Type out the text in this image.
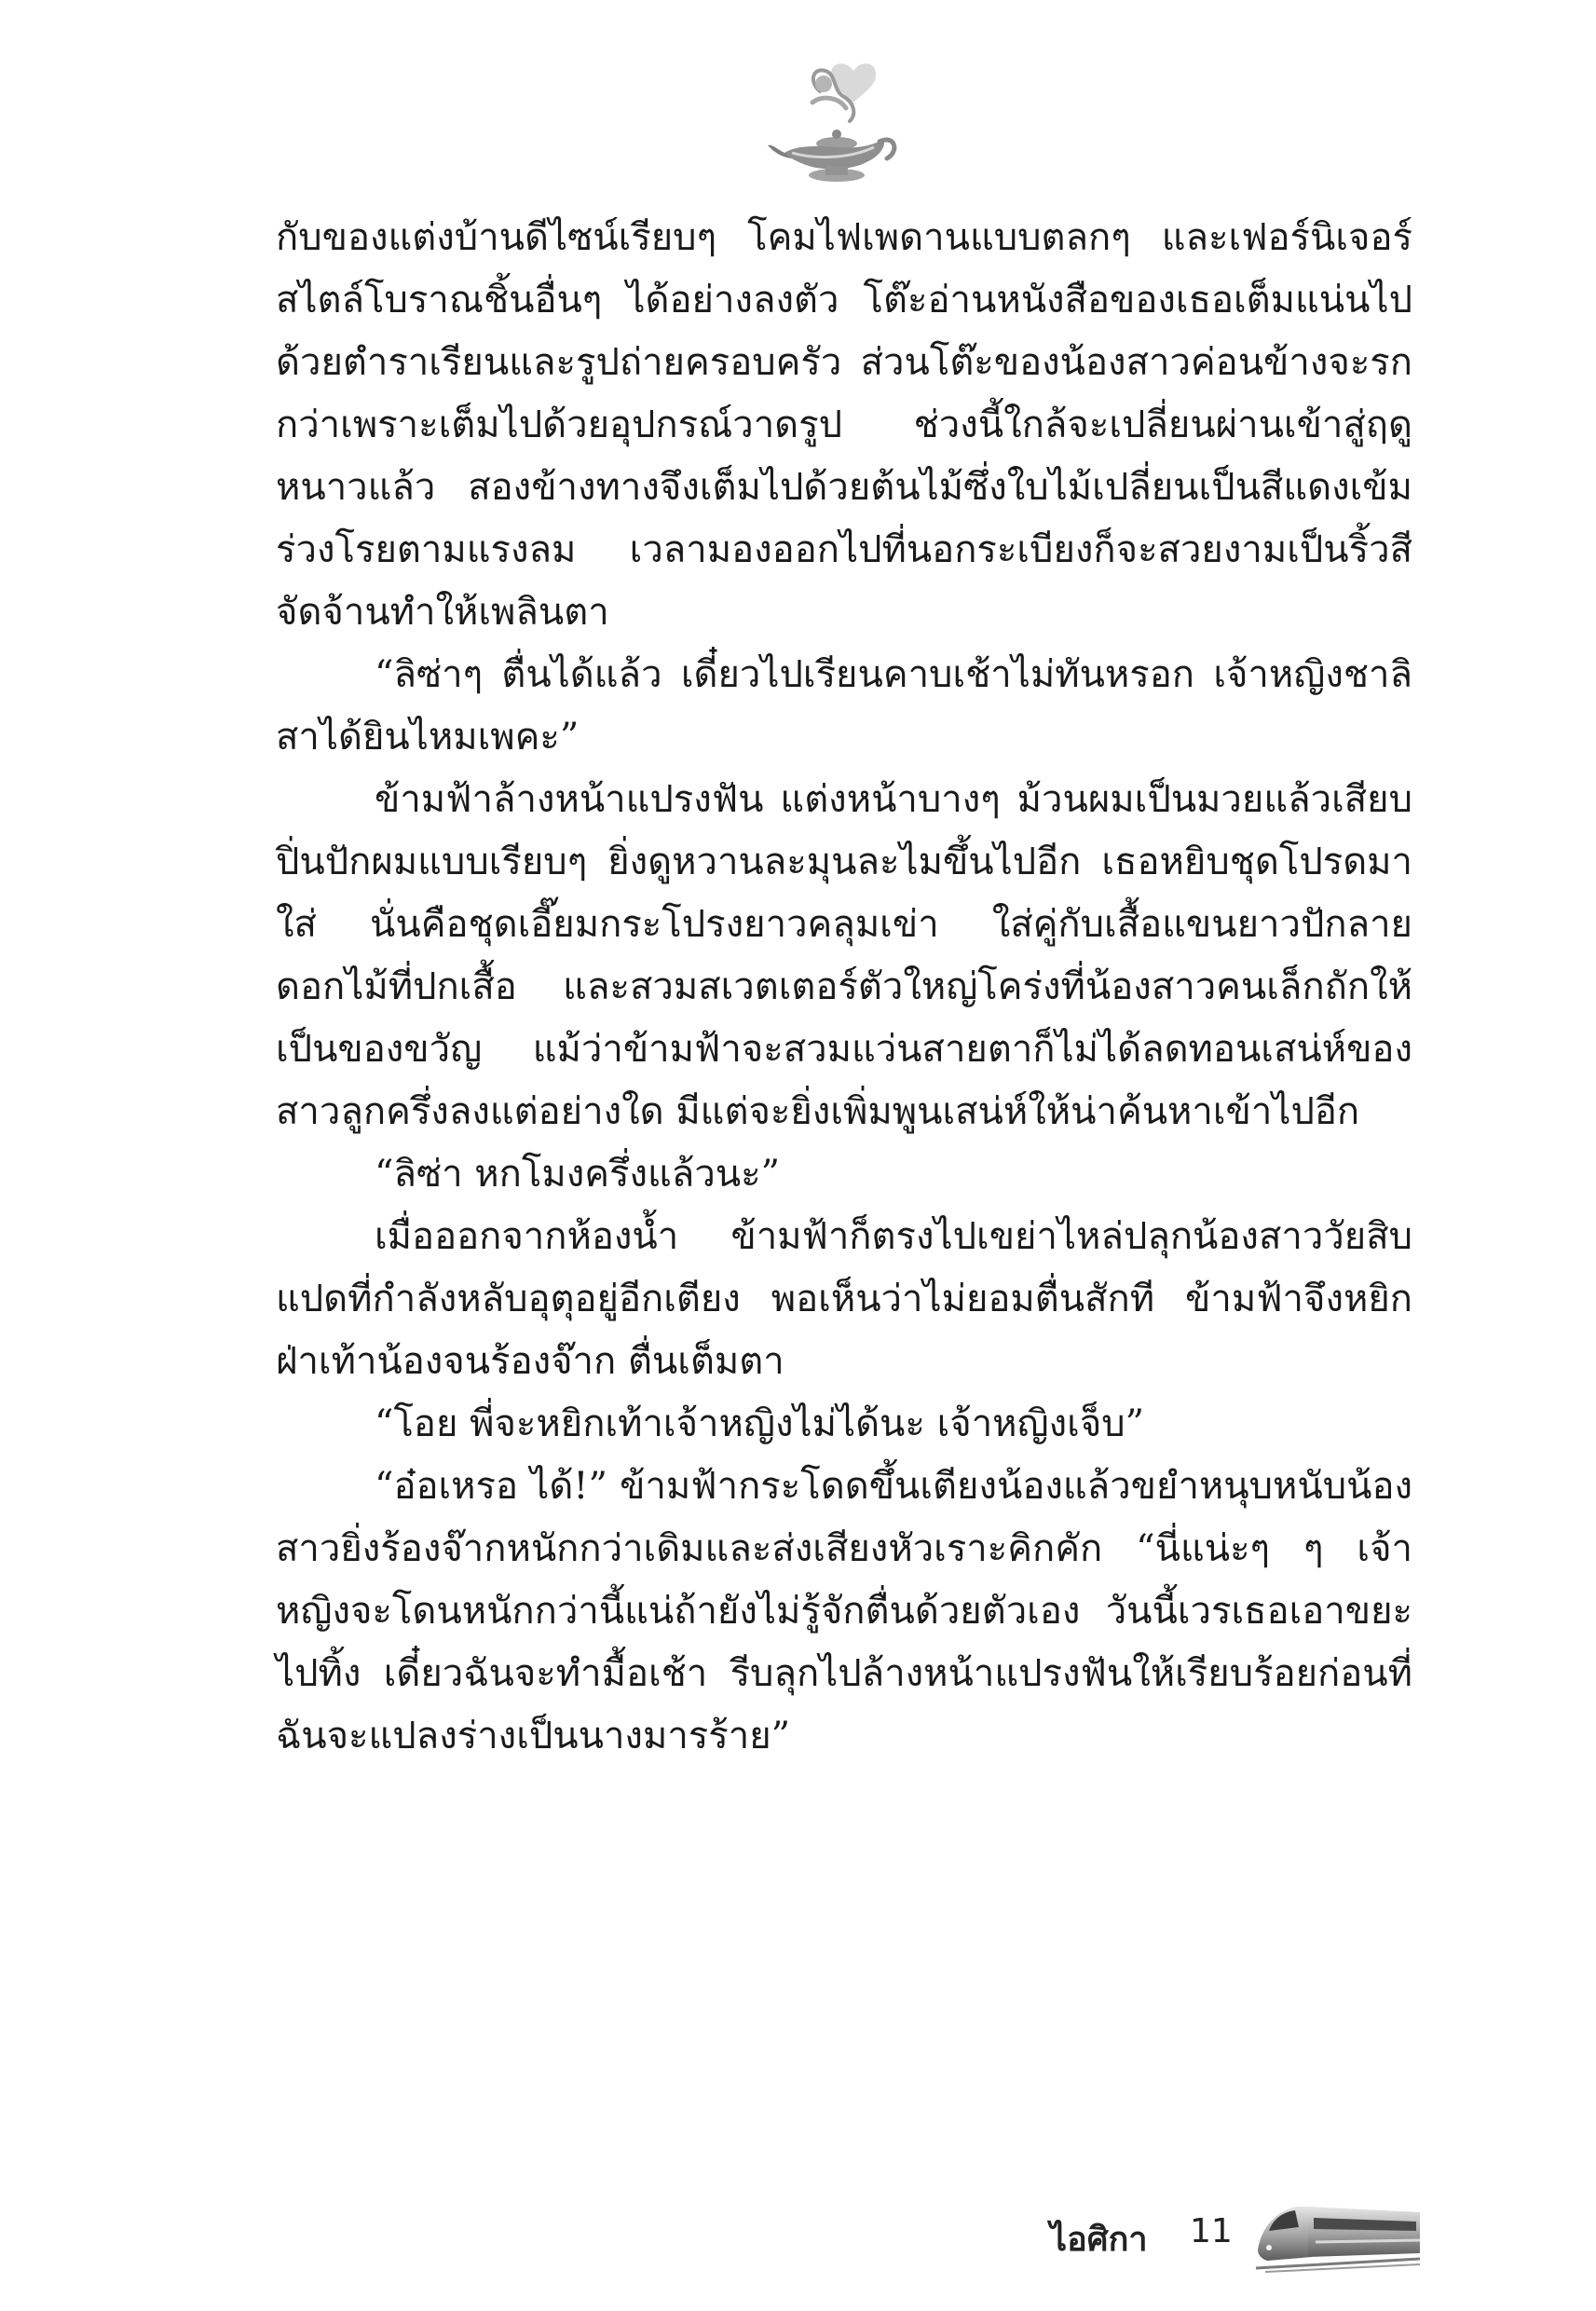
กับของแต่งบ้านดีไซน์เรียบๆ โคมไฟเพดานแบบตลกๆ และเฟอร์นิเจอร์สไตล์โบราณชิ้นอื่นๆ ได้อย่างลงตัว โต๊ะอ่านหนังสือของเธอเต็มแน่นไปด้วยตำราเรียนและรูปถ่ายครอบครัว ส่วนโต๊ะของน้องสาวค่อนข้างจะรกกว่าเพราะเต็มไปด้วยอุปกรณ์วาดรูป ช่วงนี้ใกล้จะเปลี่ยนผ่านเข้าสู่ฤดูหนาวแล้ว สองข้างทางจึงเต็มไปด้วยต้นไม้ซึ่งใบไม้เปลี่ยนเป็นสีแดงเข้มร่วงโรยตามแรงลม เวลามองออกไปที่นอกระเบียงก็จะสวยงามเป็นริ้วสีจัดจ้านทำให้เพลินตา

“ลิซ่าๆ ตื่นได้แล้ว เดี๋ยวไปเรียนคาบเช้าไม่ทันหรอก เจ้าหญิงชาลิสาได้ยินไหมเพคะ”

ข้ามฟ้าล้างหน้าแปรงฟัน แต่งหน้าบางๆ ม้วนผมเป็นมวยแล้วเสียบปิ่นปักผมแบบเรียบๆ ยิ่งดูหวานละมุนละไมขึ้นไปอีก เธอหยิบชุดโปรดมาใส่ นั่นคือชุดเอี๊ยมกระโปรงยาวคลุมเข่า ใส่คู่กับเสื้อแขนยาวปักลายดอกไม้ที่ปกเสื้อ และสวมสเวตเตอร์ตัวใหญ่โคร่งที่น้องสาวคนเล็กถักให้เป็นของขวัญ แม้ว่าข้ามฟ้าจะสวมแว่นสายตาก็ไม่ได้ลดทอนเสน่ห์ของสาวลูกครึ่งลงแต่อย่างใด มีแต่จะยิ่งเพิ่มพูนเสน่ห์ให้น่าค้นหาเข้าไปอีก

“ลิซ่า หกโมงครึ่งแล้วนะ”

เมื่อออกจากห้องน้ำ ข้ามฟ้าก็ตรงไปเขย่าไหล่ปลุกน้องสาววัยสิบแปดที่กำลังหลับอุตุอยู่อีกเตียง พอเห็นว่าไม่ยอมตื่นสักที ข้ามฟ้าจึงหยิกฝ่าเท้าน้องจนร้องจ๊าก ตื่นเต็มตา

“โอย พี่จะหยิกเท้าเจ้าหญิงไม่ได้นะ เจ้าหญิงเจ็บ”

“อ๋อเหรอ ได้!” ข้ามฟ้ากระโดดขึ้นเตียงน้องแล้วขยำหนุบหนับน้องสาวยิ่งร้องจ๊ากหนักกว่าเดิมและส่งเสียงหัวเราะคิกคัก “นี่แน่ะๆ ๆ เจ้าหญิงจะโดนหนักกว่านี้แน่ถ้ายังไม่รู้จักตื่นด้วยตัวเอง วันนี้เวรเธอเอาขยะไปทิ้ง เดี๋ยวฉันจะทำมื้อเช้า รีบลุกไปล้างหน้าแปรงฟันให้เรียบร้อยก่อนที่ฉันจะแปลงร่างเป็นนางมารร้าย”

ไอศิกา 11
